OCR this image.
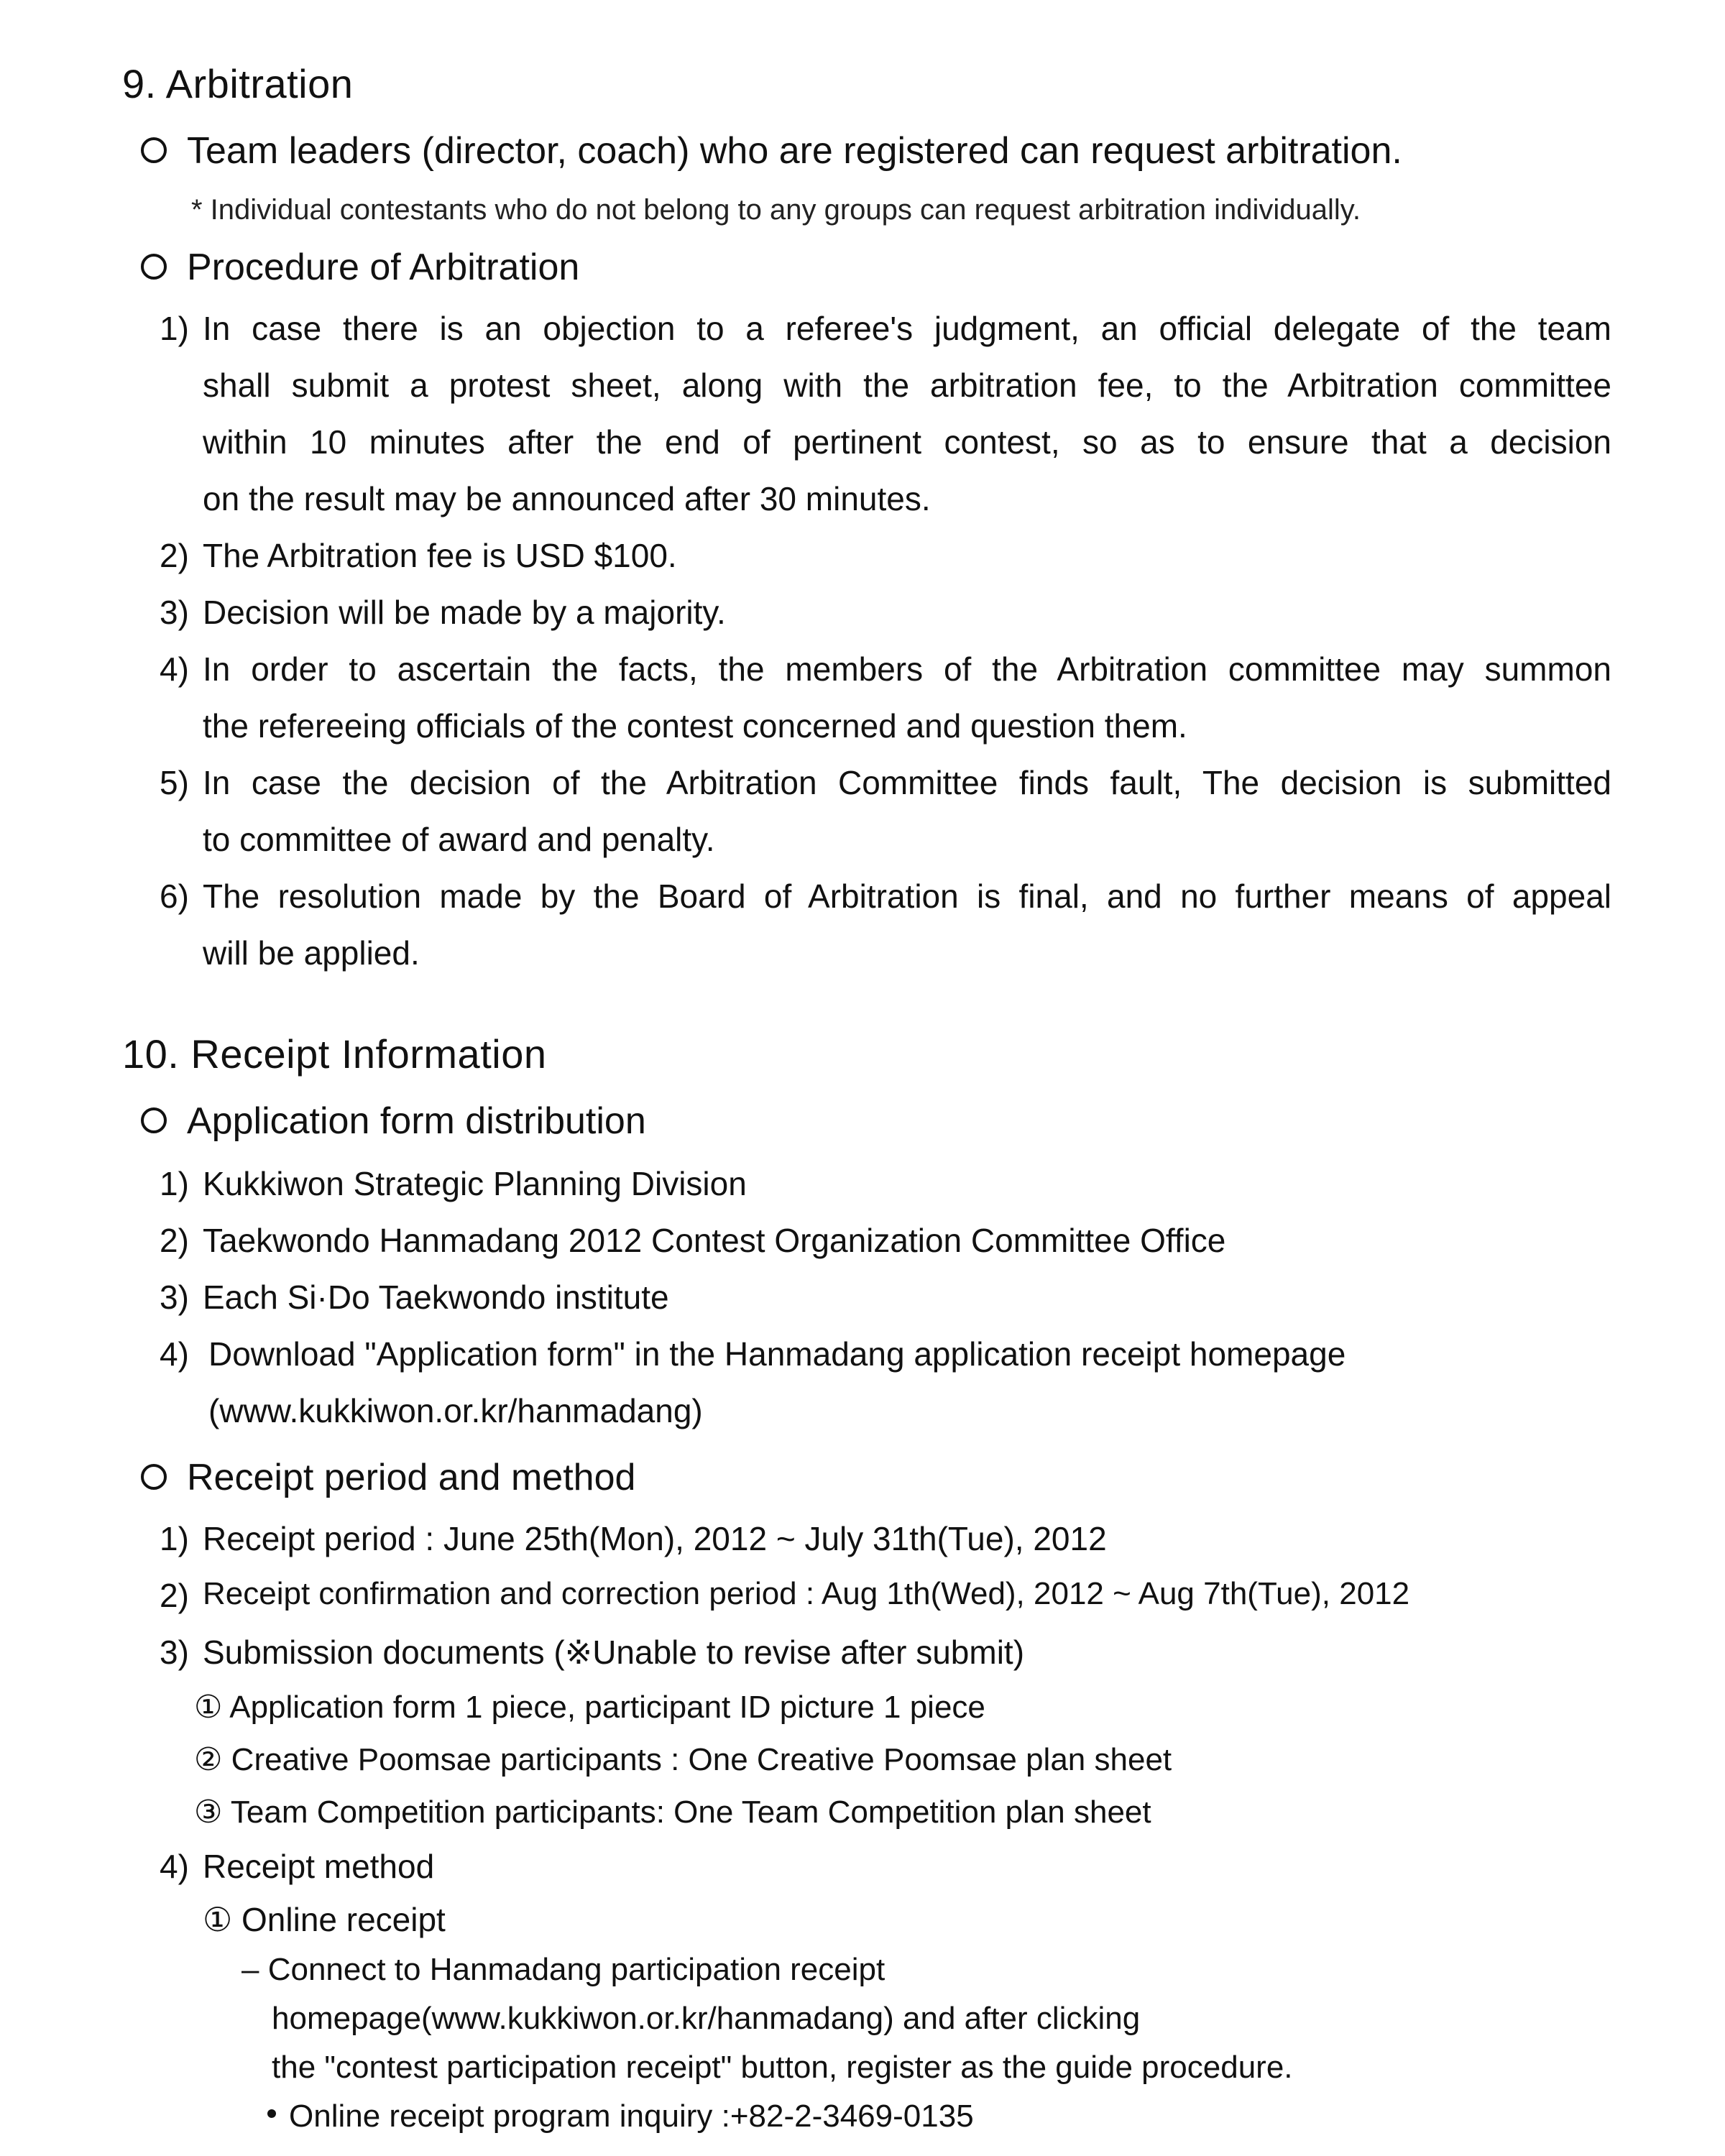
9. Arbitration
Team leaders (director, coach) who are registered can request arbitration.
* Individual contestants who do not belong to any groups can request arbitration individually.
Procedure of Arbitration
1) In case there is an objection to a referee's judgment, an official delegate of the team
shall submit a protest sheet, along with the arbitration fee, to the Arbitration committee
within 10 minutes after the end of pertinent contest, so as to ensure that a decision
on the result may be announced after 30 minutes.
2) The Arbitration fee is USD $100.
3) Decision will be made by a majority.
4) In order to ascertain the facts, the members of the Arbitration committee may summon
the refereeing officials of the contest concerned and question them.
5) In case the decision of the Arbitration Committee finds fault, The decision is submitted
to committee of award and penalty.
6) The resolution made by the Board of Arbitration is final, and no further means of appeal
will be applied.
10. Receipt Information
Application form distribution
1) Kukkiwon Strategic Planning Division
2) Taekwondo Hanmadang 2012 Contest Organization Committee Office
3) Each Si·Do Taekwondo institute
4) Download "Application form" in the Hanmadang application receipt homepage
(www.kukkiwon.or.kr/hanmadang)
Receipt period and method
1) Receipt period : June 25th(Mon), 2012 ~ July 31th(Tue), 2012
2) Receipt confirmation and correction period : Aug 1th(Wed), 2012 ~ Aug 7th(Tue), 2012
3) Submission documents (※Unable to revise after submit)
① Application form 1 piece, participant ID picture 1 piece
② Creative Poomsae participants : One Creative Poomsae plan sheet
③ Team Competition participants: One Team Competition plan sheet
4) Receipt method
① Online receipt
– Connect to Hanmadang participation receipt
homepage(www.kukkiwon.or.kr/hanmadang) and after clicking
the "contest participation receipt" button, register as the guide procedure.
Online receipt program inquiry :+82-2-3469-0135
